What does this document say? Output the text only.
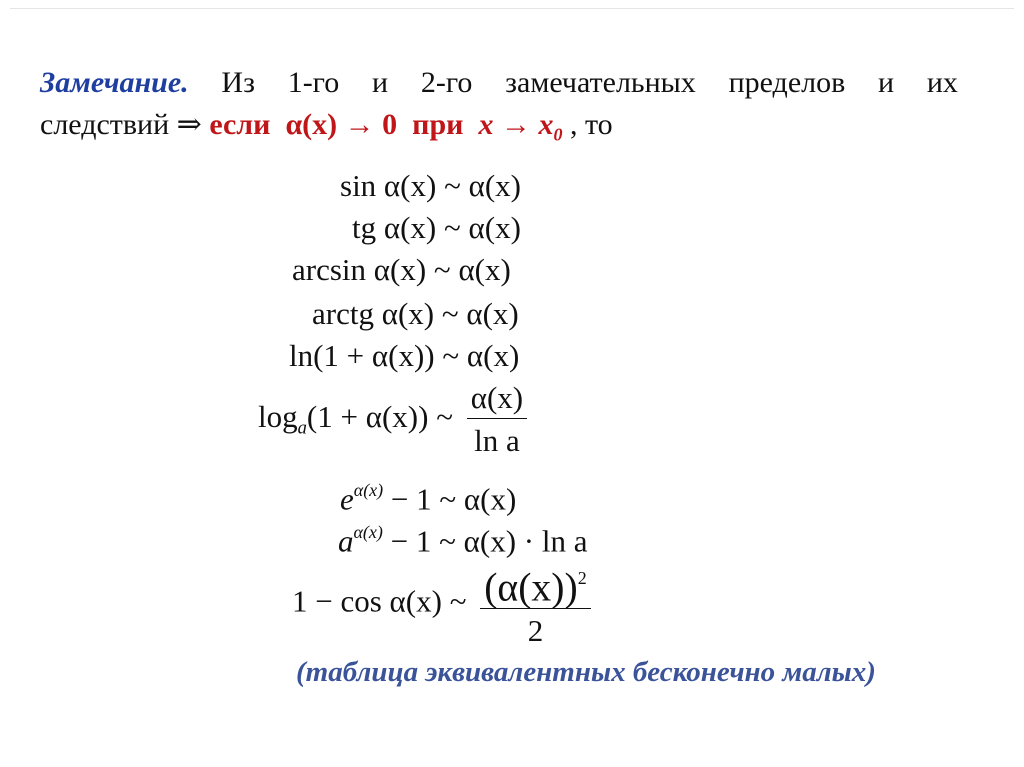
Замечание. Из 1-го и 2-го замечательных пределов и их
следствий ⇒ если α(x) → 0 при $x \to x_0$ , то
sin α(x) ~ α(x)
tg α(x) ~ α(x)
arcsin α(x) ~ α(x)
arctg α(x) ~ α(x)
ln(1 + α(x)) ~ α(x)
$\log_a(1 + \alpha(x))$ ~ $\frac{\alpha(x)}{\text{ln a}}$
$e^{\alpha(x)} - 1$ ~ α(x)
$a^{\alpha(x)} - 1$ ~ α(x) · ln a
1 − cos α(x) ~ $\frac{(\alpha(x))^2}{2}$
(таблица эквивалентных бесконечно малых)
